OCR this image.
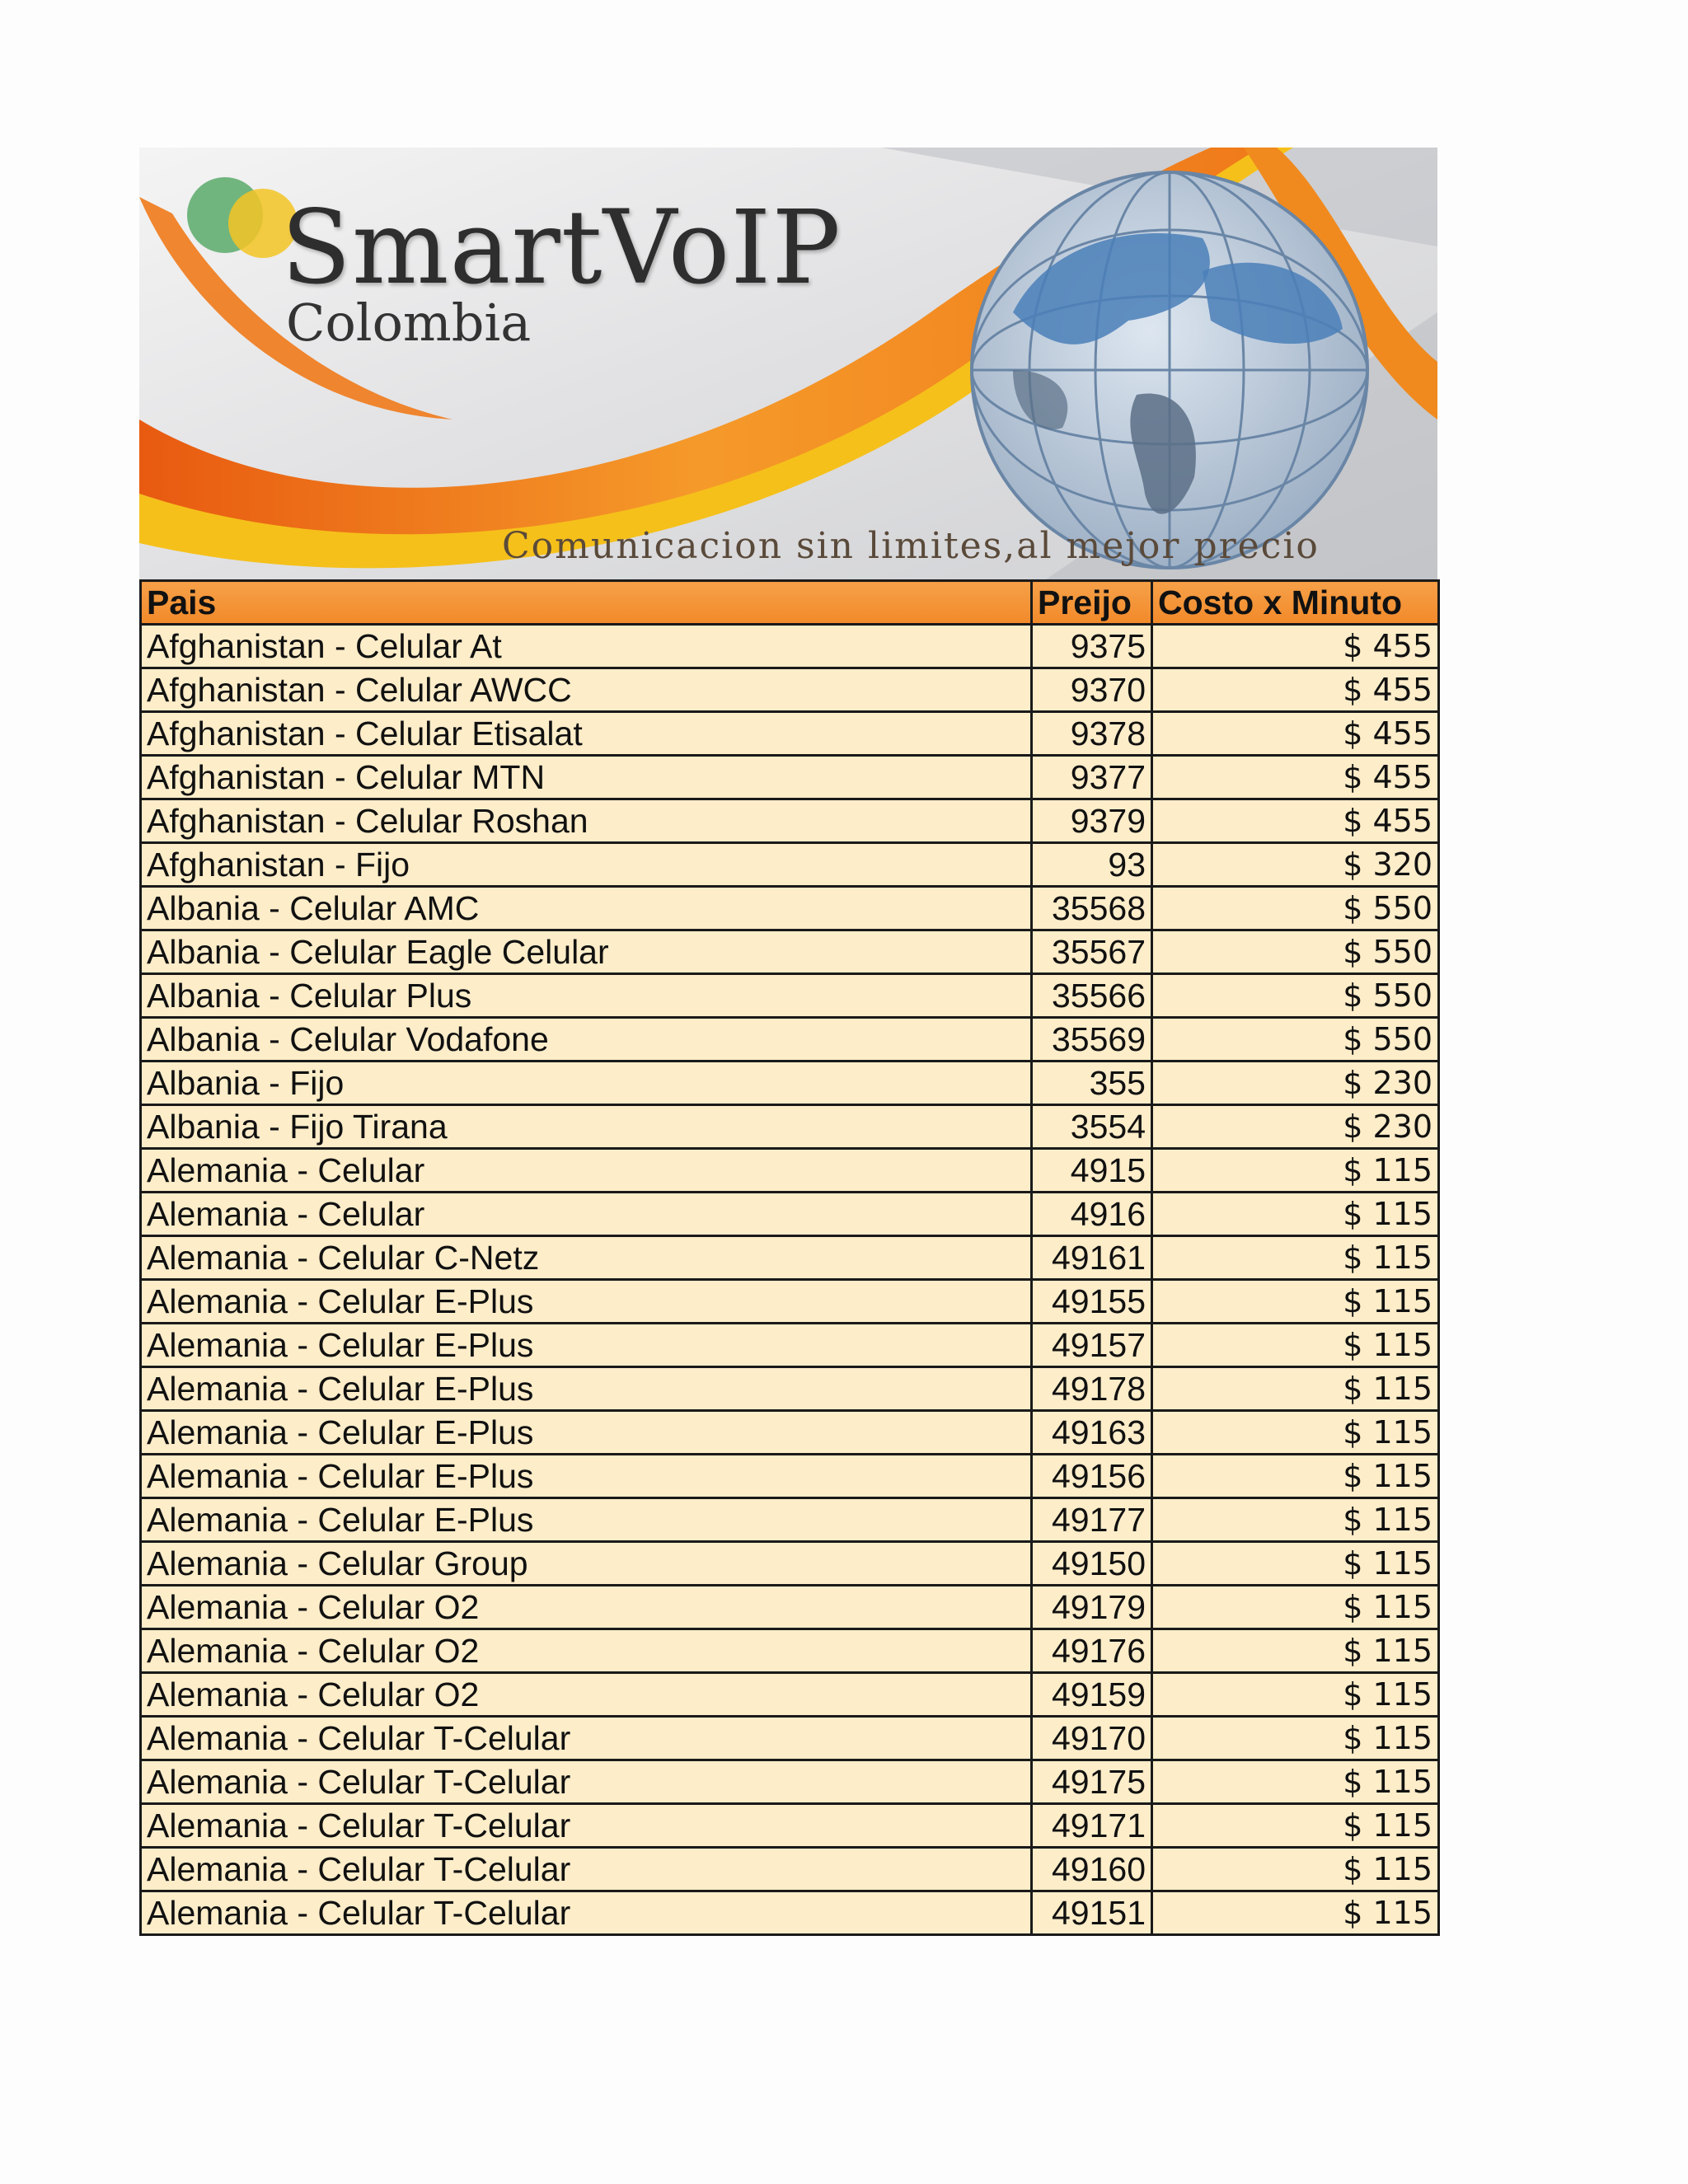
SmartVoIP
Colombia
Comunicacion sin limites,al mejor precio
Pais	Preijo	Costo x Minuto
Afghanistan - Celular At	9375	$ 455
Afghanistan - Celular AWCC	9370	$ 455
Afghanistan - Celular Etisalat	9378	$ 455
Afghanistan - Celular MTN	9377	$ 455
Afghanistan - Celular Roshan	9379	$ 455
Afghanistan - Fijo	93	$ 320
Albania - Celular AMC	35568	$ 550
Albania - Celular Eagle Celular	35567	$ 550
Albania - Celular Plus	35566	$ 550
Albania - Celular Vodafone	35569	$ 550
Albania - Fijo	355	$ 230
Albania - Fijo Tirana	3554	$ 230
Alemania - Celular	4915	$ 115
Alemania - Celular	4916	$ 115
Alemania - Celular C-Netz	49161	$ 115
Alemania - Celular E-Plus	49155	$ 115
Alemania - Celular E-Plus	49157	$ 115
Alemania - Celular E-Plus	49178	$ 115
Alemania - Celular E-Plus	49163	$ 115
Alemania - Celular E-Plus	49156	$ 115
Alemania - Celular E-Plus	49177	$ 115
Alemania - Celular Group	49150	$ 115
Alemania - Celular O2	49179	$ 115
Alemania - Celular O2	49176	$ 115
Alemania - Celular O2	49159	$ 115
Alemania - Celular T-Celular	49170	$ 115
Alemania - Celular T-Celular	49175	$ 115
Alemania - Celular T-Celular	49171	$ 115
Alemania - Celular T-Celular	49160	$ 115
Alemania - Celular T-Celular	49151	$ 115
